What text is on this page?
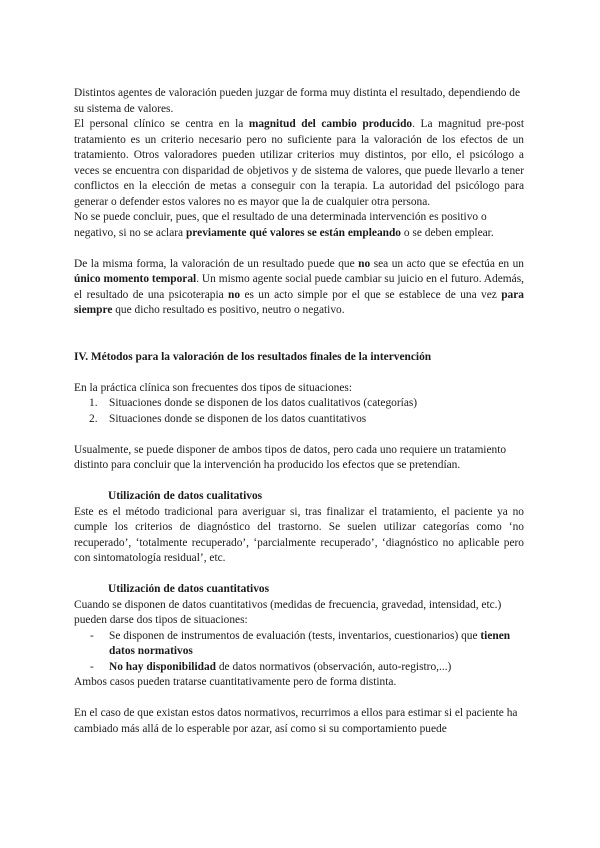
Distintos agentes de valoración pueden juzgar de forma muy distinta el resultado, dependiendo de su sistema de valores.

El personal clínico se centra en la magnitud del cambio producido. La magnitud pre-post tratamiento es un criterio necesario pero no suficiente para la valoración de los efectos de un tratamiento. Otros valoradores pueden utilizar criterios muy distintos, por ello, el psicólogo a veces se encuentra con disparidad de objetivos y de sistema de valores, que puede llevarlo a tener conflictos en la elección de metas a conseguir con la terapia. La autoridad del psicólogo para generar o defender estos valores no es mayor que la de cualquier otra persona.

No se puede concluir, pues, que el resultado de una determinada intervención es positivo o negativo, si no se aclara previamente qué valores se están empleando o se deben emplear.

De la misma forma, la valoración de un resultado puede que no sea un acto que se efectúa en un único momento temporal. Un mismo agente social puede cambiar su juicio en el futuro. Además, el resultado de una psicoterapia no es un acto simple por el que se establece de una vez para siempre que dicho resultado es positivo, neutro o negativo.

IV. Métodos para la valoración de los resultados finales de la intervención

En la práctica clínica son frecuentes dos tipos de situaciones:

1. Situaciones donde se disponen de los datos cualitativos (categorías)
2. Situaciones donde se disponen de los datos cuantitativos

Usualmente, se puede disponer de ambos tipos de datos, pero cada uno requiere un tratamiento distinto para concluir que la intervención ha producido los efectos que se pretendían.

Utilización de datos cualitativos

Este es el método tradicional para averiguar si, tras finalizar el tratamiento, el paciente ya no cumple los criterios de diagnóstico del trastorno. Se suelen utilizar categorías como ‘no recuperado’, ‘totalmente recuperado’, ‘parcialmente recuperado’, ‘diagnóstico no aplicable pero con sintomatología residual’, etc.

Utilización de datos cuantitativos

Cuando se disponen de datos cuantitativos (medidas de frecuencia, gravedad, intensidad, etc.) pueden darse dos tipos de situaciones:

- Se disponen de instrumentos de evaluación (tests, inventarios, cuestionarios) que tienen datos normativos
- No hay disponibilidad de datos normativos (observación, auto-registro,...)

Ambos casos pueden tratarse cuantitativamente pero de forma distinta.

En el caso de que existan estos datos normativos, recurrimos a ellos para estimar si el paciente ha cambiado más allá de lo esperable por azar, así como si su comportamiento puede
